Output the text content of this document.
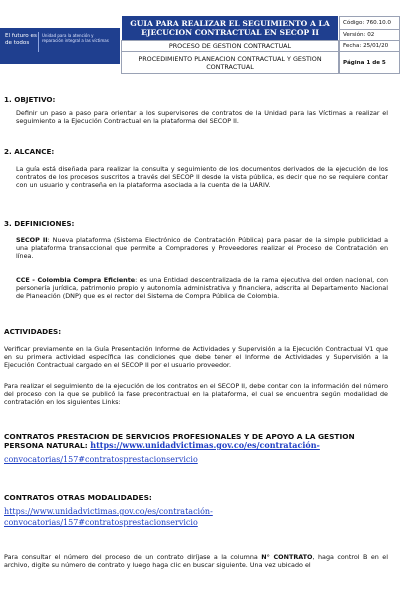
El futuro es de todos
Unidad para la atención y reparación integral a las víctimas
GUIA PARA REALIZAR EL SEGUIMIENTO A LA EJECUCION CONTRACTUAL EN SECOP II
PROCESO DE GESTION CONTRACTUAL
PROCEDIMIENTO PLANEACION CONTRACTUAL Y GESTION CONTRACTUAL
Código: 760.10.0
Versión: 02
Fecha: 25/01/20
Página 1 de 5
1. OBJETIVO:
Definir un paso a paso para orientar a los supervisores de contratos de la Unidad para las Víctimas a realizar el seguimiento a la Ejecución Contractual en la plataforma del SECOP II.
2. ALCANCE:
La guía está diseñada para realizar la consulta y seguimiento de los documentos derivados de la ejecución de los contratos de los procesos suscritos a través del SECOP II desde la vista pública, es decir que no se requiere contar con un usuario y contraseña en la plataforma asociada a la cuenta de la UARIV.
3. DEFINICIONES:
SECOP II: Nueva plataforma (Sistema Electrónico de Contratación Pública) para pasar de la simple publicidad a una plataforma transaccional que permite a Compradores y Proveedores realizar el Proceso de Contratación en línea.
CCE - Colombia Compra Eficiente: es una Entidad descentralizada de la rama ejecutiva del orden nacional, con personería jurídica, patrimonio propio y autonomía administrativa y financiera, adscrita al Departamento Nacional de Planeación (DNP) que es el rector del Sistema de Compra Pública de Colombia.
ACTIVIDADES:
Verificar previamente en la Guía Presentación Informe de Actividades y Supervisión a la Ejecución Contractual V1 que en su primera actividad específica las condiciones que debe tener el Informe de Actividades y Supervisión a la Ejecución Contractual cargado en el SECOP II por el usuario proveedor.
Para realizar el seguimiento de la ejecución de los contratos en el SECOP II, debe contar con la información del número del proceso con la que se publicó la fase precontractual en la plataforma, el cual se encuentra según modalidad de contratación en los siguientes Links:
CONTRATOS PRESTACION DE SERVICIOS PROFESIONALES Y DE APOYO A LA GESTION PERSONA NATURAL: https://www.unidadvictimas.gov.co/es/contratación-
convocatorias/157#contratosprestacionservicio
CONTRATOS OTRAS MODALIDADES:
https://www.unidadvictimas.gov.co/es/contratación-
convocatorias/157#contratosprestacionservicio
Para consultar el número del proceso de un contrato diríjase a la columna N° CONTRATO, haga control B en el archivo, digite su número de contrato y luego haga clic en buscar siguiente. Una vez ubicado el
